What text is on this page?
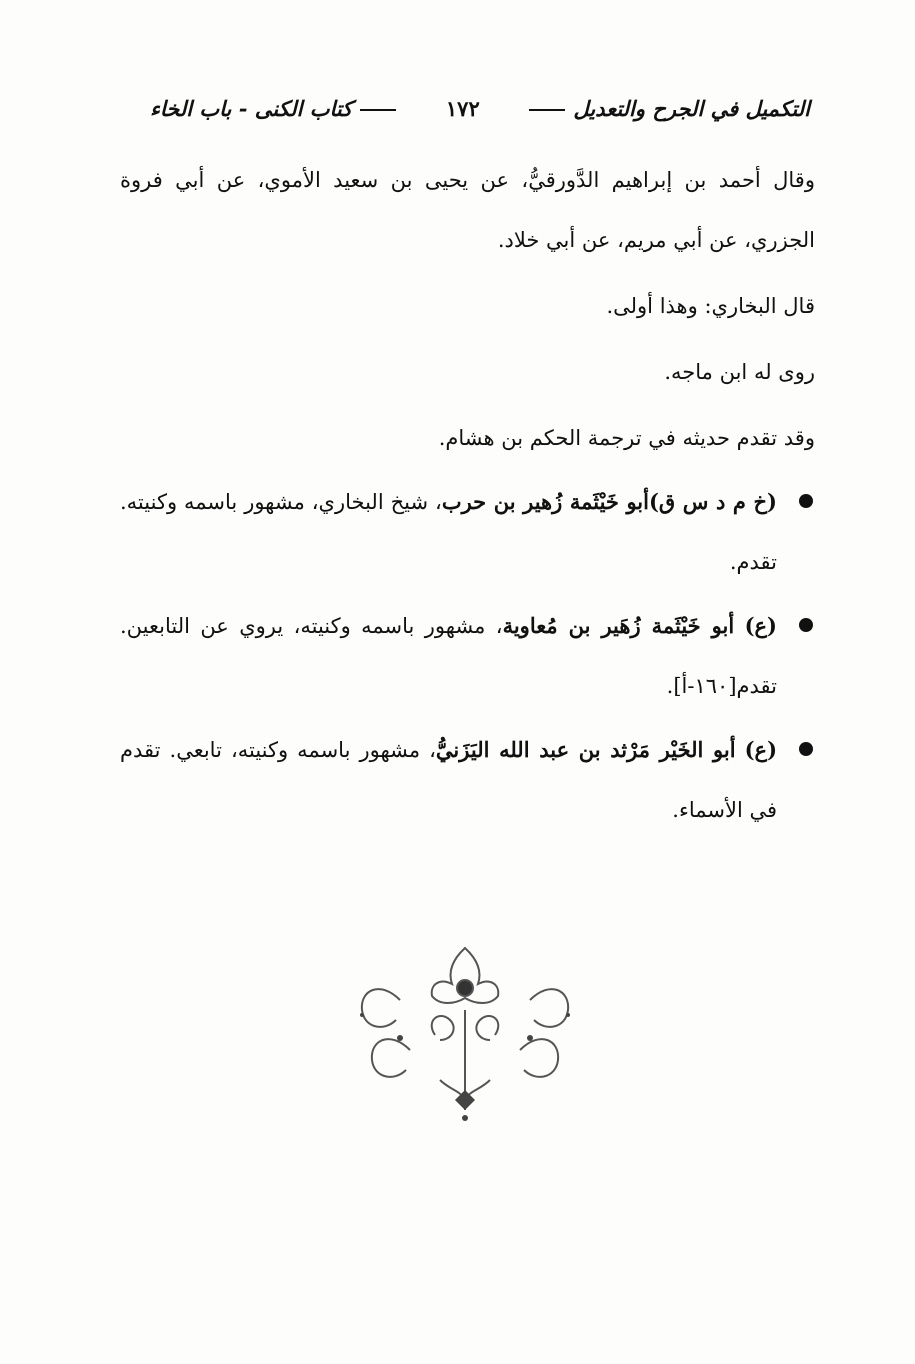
التكميل في الجرح والتعديل
١٧٢
كتاب الكنى - باب الخاء

وقال أحمد بن إبراهيم الدَّورقيُّ، عن يحيى بن سعيد الأموي، عن أبي فروة الجزري، عن أبي مريم، عن أبي خلاد.

قال البخاري: وهذا أولى.

روى له ابن ماجه.

وقد تقدم حديثه في ترجمة الحكم بن هشام.

(خ م د س ق)أبو خَيْثَمة زُهير بن حرب، شيخ البخاري، مشهور باسمه وكنيته. تقدم.
(ع) أبو خَيْثَمة زُهَير بن مُعاوية، مشهور باسمه وكنيته، يروي عن التابعين. تقدم[١٦٠-أ].
(ع) أبو الخَيْر مَرْثد بن عبد الله اليَزَنيُّ، مشهور باسمه وكنيته، تابعي. تقدم في الأسماء.
